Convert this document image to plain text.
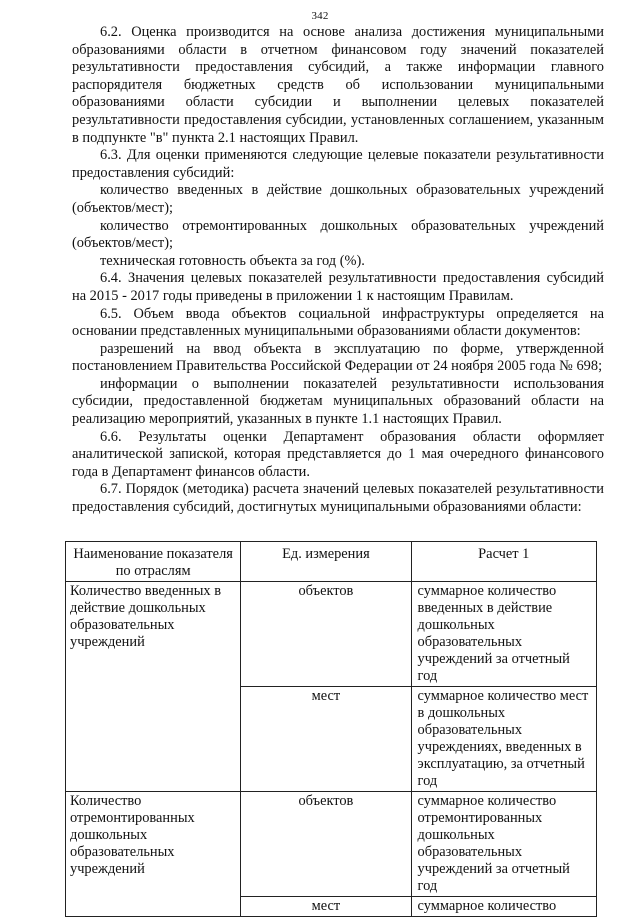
342

6.2. Оценка производится на основе анализа достижения муниципальными образованиями области в отчетном финансовом году значений показателей результативности предоставления субсидий, а также информации главного распорядителя бюджетных средств об использовании муниципальными образованиями области субсидии и выполнении целевых показателей результативности предоставления субсидии, установленных соглашением, указанным в подпункте "в" пункта 2.1 настоящих Правил.

6.3. Для оценки применяются следующие целевые показатели результативности предоставления субсидий:

количество введенных в действие дошкольных образовательных учреждений (объектов/мест);

количество отремонтированных дошкольных образовательных учреждений (объектов/мест);

техническая готовность объекта за год (%).

6.4. Значения целевых показателей результативности предоставления субсидий на 2015 - 2017 годы приведены в приложении 1 к настоящим Правилам.

6.5. Объем ввода объектов социальной инфраструктуры определяется на основании представленных муниципальными образованиями области документов:

разрешений на ввод объекта в эксплуатацию по форме, утвержденной постановлением Правительства Российской Федерации от 24 ноября 2005 года № 698;

информации о выполнении показателей результативности использования субсидии, предоставленной бюджетам муниципальных образований области на реализацию мероприятий, указанных в пункте 1.1 настоящих Правил.

6.6. Результаты оценки Департамент образования области оформляет аналитической запиской, которая представляется до 1 мая очередного финансового года в Департамент финансов области.

6.7. Порядок (методика) расчета значений целевых показателей результативности предоставления субсидий, достигнутых муниципальными образованиями области:

Наименование показателя по отраслям	Ед. измерения	Расчет 1
Количество введенных в действие дошкольных образовательных учреждений	объектов	суммарное количество введенных в действие дошкольных образовательных учреждений за отчетный год
	мест	суммарное количество мест в дошкольных образовательных учреждениях, введенных в эксплуатацию, за отчетный год
Количество отремонтированных дошкольных образовательных учреждений	объектов	суммарное количество отремонтированных дошкольных образовательных учреждений за отчетный год
	мест	суммарное количество
